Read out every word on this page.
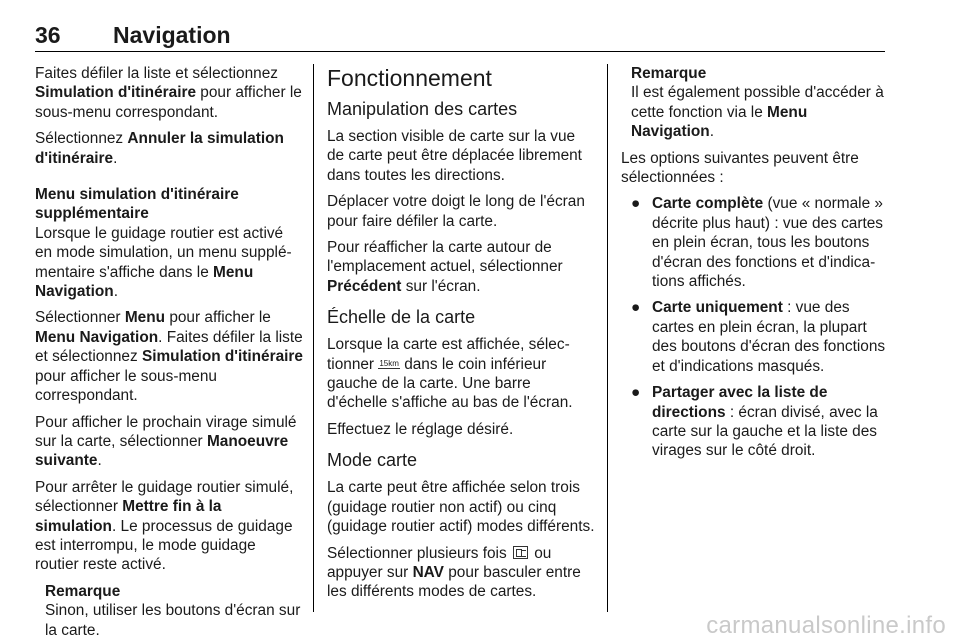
36 Navigation

Faites défiler la liste et sélectionnez Simulation d'itinéraire pour afficher le sous-menu correspondant.

Sélectionnez Annuler la simulation d'itinéraire.

Menu simulation d'itinéraire supplémentaire

Lorsque le guidage routier est activé en mode simulation, un menu supplémentaire s'affiche dans le Menu Navigation.

Sélectionner Menu pour afficher le Menu Navigation. Faites défiler la liste et sélectionnez Simulation d'itinéraire pour afficher le sous-menu correspondant.

Pour afficher le prochain virage simulé sur la carte, sélectionner Manoeuvre suivante.

Pour arrêter le guidage routier simulé, sélectionner Mettre fin à la simulation. Le processus de guidage est interrompu, le mode guidage routier reste activé.

Remarque
Sinon, utiliser les boutons d'écran sur la carte.
Fonctionnement
Manipulation des cartes

La section visible de carte sur la vue de carte peut être déplacée librement dans toutes les directions.

Déplacer votre doigt le long de l'écran pour faire défiler la carte.

Pour réafficher la carte autour de l'emplacement actuel, sélectionner Précédent sur l'écran.

Échelle de la carte

Lorsque la carte est affichée, sélectionner 15km dans le coin inférieur gauche de la carte. Une barre d'échelle s'affiche au bas de l'écran.

Effectuez le réglage désiré.

Mode carte

La carte peut être affichée selon trois (guidage routier non actif) ou cinq (guidage routier actif) modes différents.

Sélectionner plusieurs fois ou appuyer sur NAV pour basculer entre les différents modes de cartes.

Remarque
Il est également possible d'accéder à cette fonction via le Menu Navigation.

Les options suivantes peuvent être sélectionnées :

● Carte complète (vue « normale » décrite plus haut) : vue des cartes en plein écran, tous les boutons d'écran des fonctions et d'indications affichés.
● Carte uniquement : vue des cartes en plein écran, la plupart des boutons d'écran des fonctions et d'indications masqués.
● Partager avec la liste de directions : écran divisé, avec la carte sur la gauche et la liste des virages sur le côté droit.
carmanualsonline.info
